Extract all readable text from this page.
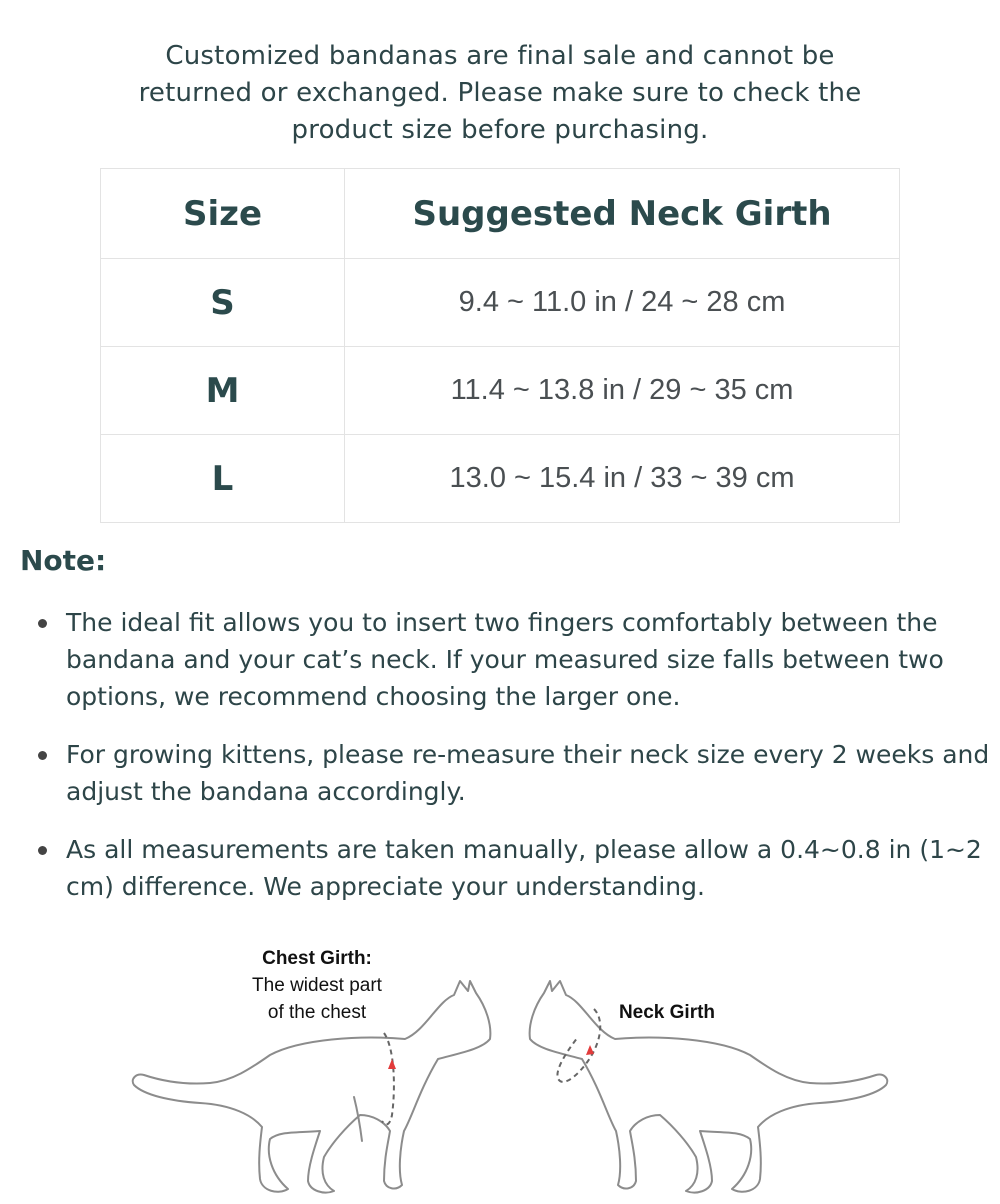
Customized bandanas are final sale and cannot be returned or exchanged. Please make sure to check the product size before purchasing.
Size	Suggested Neck Girth
S	9.4 ~ 11.0 in / 24 ~ 28 cm
M	11.4 ~ 13.8 in / 29 ~ 35 cm
L	13.0 ~ 15.4 in / 33 ~ 39 cm
Note:
The ideal fit allows you to insert two fingers comfortably between the bandana and your cat’s neck. If your measured size falls between two options, we recommend choosing the larger one.
For growing kittens, please re-measure their neck size every 2 weeks and adjust the bandana accordingly.
As all measurements are taken manually, please allow a 0.4~0.8 in (1~2 cm) difference. We appreciate your understanding.
Chest Girth:
The widest part
of the chest	Neck Girth
